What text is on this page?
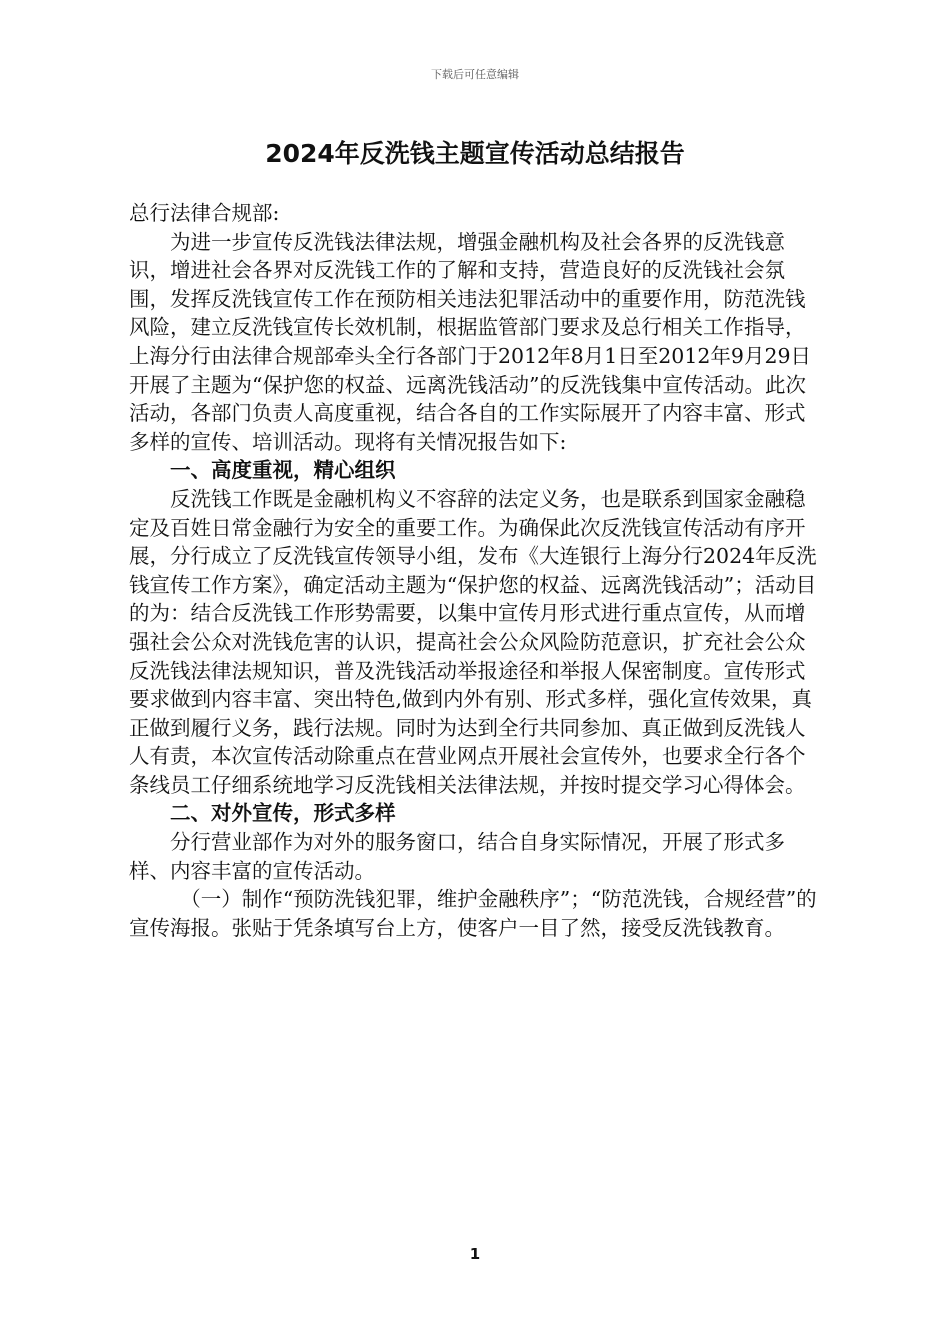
下载后可任意编辑
2024年反洗钱主题宣传活动总结报告

总行法律合规部:

为进一步宣传反洗钱法律法规，增强金融机构及社会各界的反洗钱意识，增进社会各界对反洗钱工作的了解和支持，营造良好的反洗钱社会氛围，发挥反洗钱宣传工作在预防相关违法犯罪活动中的重要作用，防范洗钱风险，建立反洗钱宣传长效机制，根据监管部门要求及总行相关工作指导，上海分行由法律合规部牵头全行各部门于2012年8月1日至2012年9月29日开展了主题为“保护您的权益、远离洗钱活动”的反洗钱集中宣传活动。此次活动，各部门负责人高度重视，结合各自的工作实际展开了内容丰富、形式多样的宣传、培训活动。现将有关情况报告如下:

一、高度重视，精心组织

反洗钱工作既是金融机构义不容辞的法定义务，也是联系到国家金融稳定及百姓日常金融行为安全的重要工作。为确保此次反洗钱宣传活动有序开展，分行成立了反洗钱宣传领导小组，发布《大连银行上海分行2024年反洗钱宣传工作方案》，确定活动主题为“保护您的权益、远离洗钱活动”；活动目的为：结合反洗钱工作形势需要，以集中宣传月形式进行重点宣传，从而增强社会公众对洗钱危害的认识，提高社会公众风险防范意识，扩充社会公众反洗钱法律法规知识，普及洗钱活动举报途径和举报人保密制度。宣传形式要求做到内容丰富、突出特色,做到内外有别、形式多样，强化宣传效果，真正做到履行义务，践行法规。同时为达到全行共同参加、真正做到反洗钱人人有责，本次宣传活动除重点在营业网点开展社会宣传外，也要求全行各个条线员工仔细系统地学习反洗钱相关法律法规，并按时提交学习心得体会。

二、对外宣传，形式多样

分行营业部作为对外的服务窗口，结合自身实际情况，开展了形式多样、内容丰富的宣传活动。

（一）制作“预防洗钱犯罪，维护金融秩序”；“防范洗钱，合规经营”的宣传海报。张贴于凭条填写台上方，使客户一目了然，接受反洗钱教育。

1
